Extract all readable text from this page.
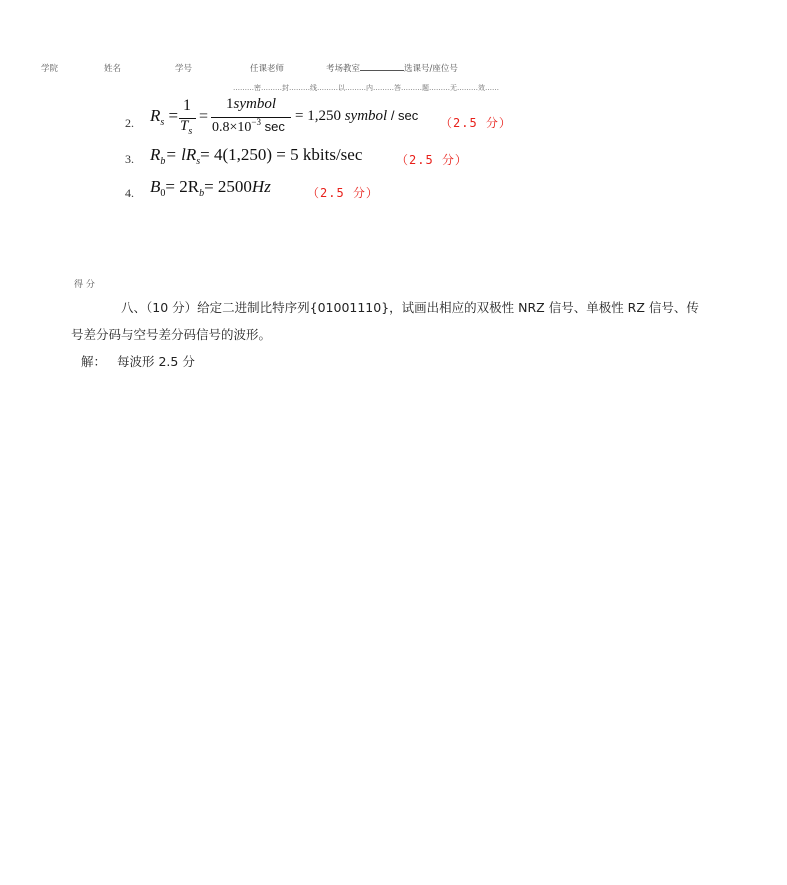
学院	姓名	学号	任课老师	考场教室	选课号/座位号
………密………封………线………以………内………答………题………无………效……
2. $R_s$ =
1
$T_s$
=
1symbol
$0.8\times 10^{-3}$ sec
= 1,250 symbol / sec （2.5 分）
3. $R_b= lR_s= 4(1,250) = 5$ kbits/sec	（2.5 分）
4. $B_0= 2R_b= 2500Hz$	（2.5 分）
得 分
八、（10 分）给定二进制比特序列{01001110}，试画出相应的双极性 NRZ 信号、单极性 RZ 信号、传
号差分码与空号差分码信号的波形。
解： 每波形 2.5 分
